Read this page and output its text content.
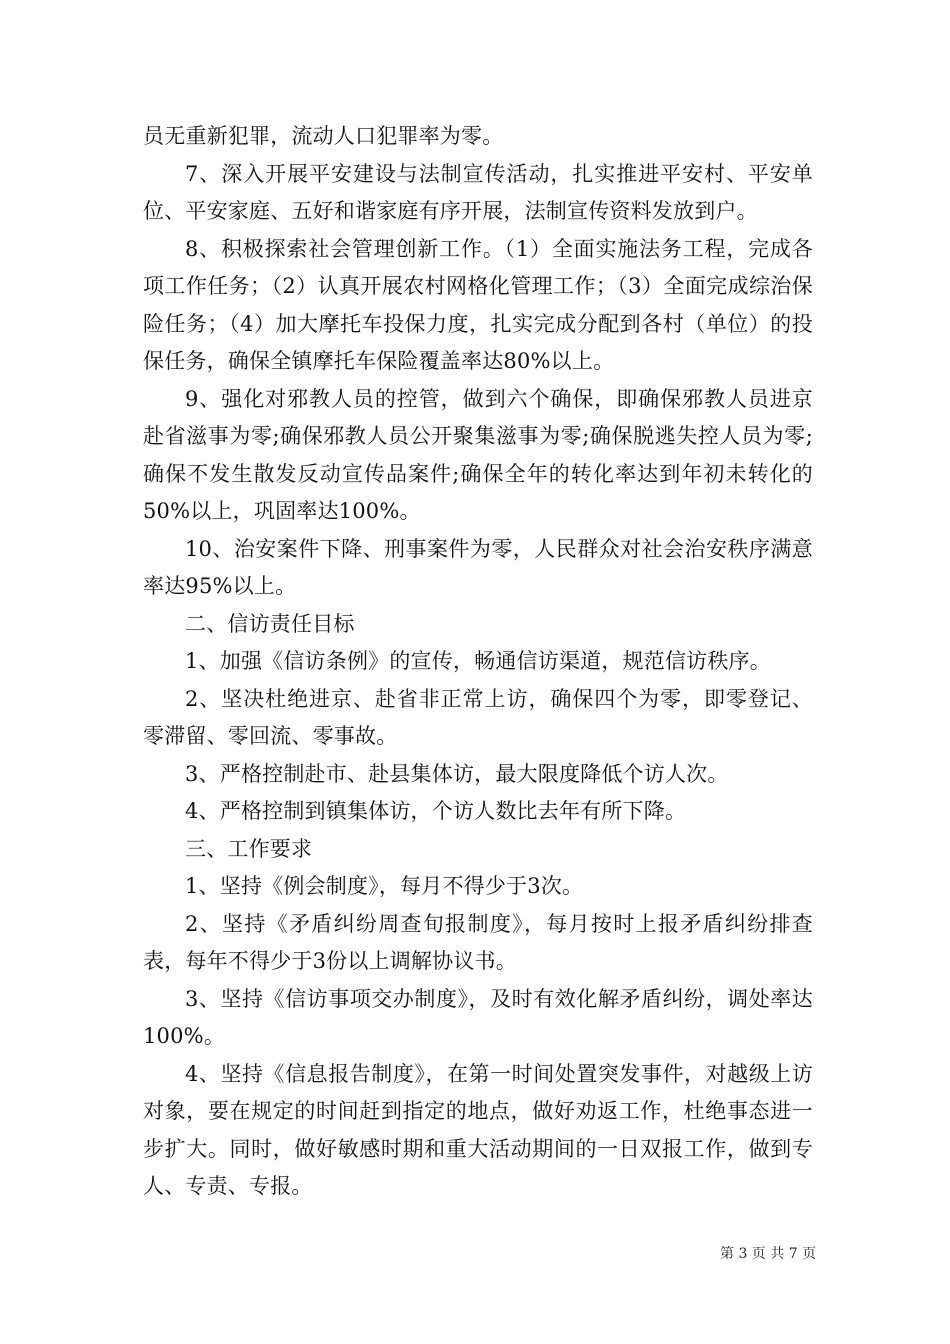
员无重新犯罪，流动人口犯罪率为零。

7、深入开展平安建设与法制宣传活动，扎实推进平安村、平安单位、平安家庭、五好和谐家庭有序开展，法制宣传资料发放到户。

8、积极探索社会管理创新工作。（1）全面实施法务工程，完成各项工作任务；（2）认真开展农村网格化管理工作；（3）全面完成综治保险任务；（4）加大摩托车投保力度，扎实完成分配到各村（单位）的投保任务，确保全镇摩托车保险覆盖率达80%以上。

9、强化对邪教人员的控管，做到六个确保，即确保邪教人员进京赴省滋事为零;确保邪教人员公开聚集滋事为零;确保脱逃失控人员为零;确保不发生散发反动宣传品案件;确保全年的转化率达到年初未转化的50%以上，巩固率达100%。

10、治安案件下降、刑事案件为零，人民群众对社会治安秩序满意率达95%以上。

二、信访责任目标

1、加强《信访条例》的宣传，畅通信访渠道，规范信访秩序。

2、坚决杜绝进京、赴省非正常上访，确保四个为零，即零登记、零滞留、零回流、零事故。

3、严格控制赴市、赴县集体访，最大限度降低个访人次。

4、严格控制到镇集体访，个访人数比去年有所下降。

三、工作要求

1、坚持《例会制度》，每月不得少于3次。

2、坚持《矛盾纠纷周查旬报制度》，每月按时上报矛盾纠纷排查表，每年不得少于3份以上调解协议书。

3、坚持《信访事项交办制度》，及时有效化解矛盾纠纷，调处率达100%。

4、坚持《信息报告制度》，在第一时间处置突发事件，对越级上访对象，要在规定的时间赶到指定的地点，做好劝返工作，杜绝事态进一步扩大。同时，做好敏感时期和重大活动期间的一日双报工作，做到专人、专责、专报。

第 3 页 共 7 页
